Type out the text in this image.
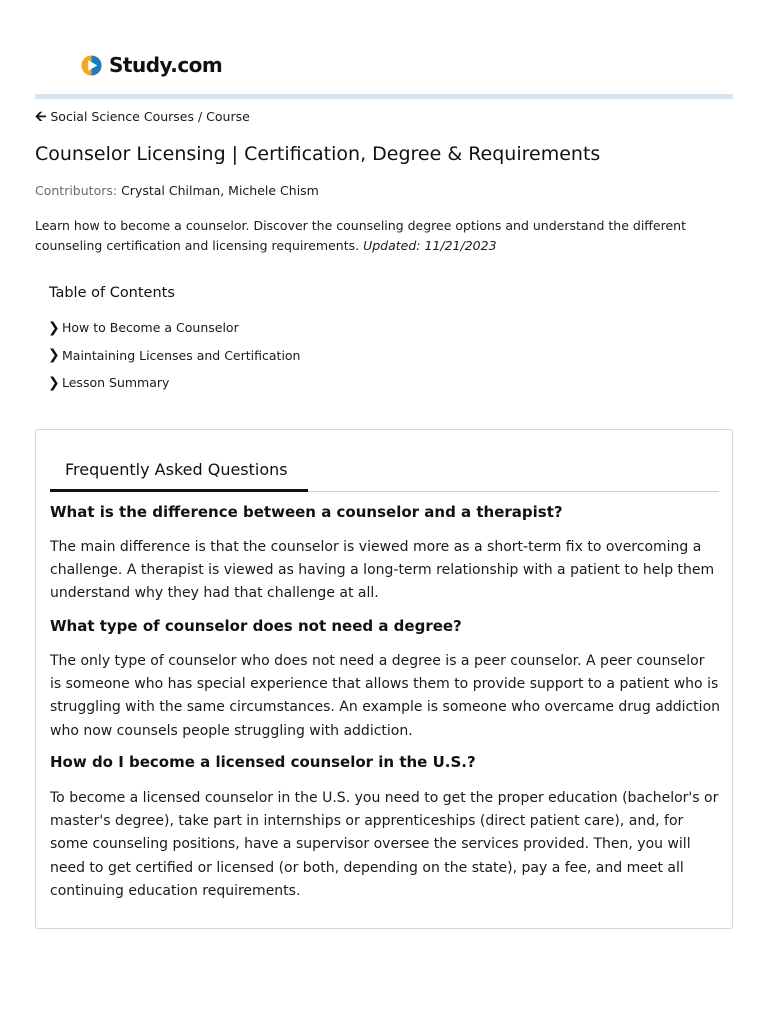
Study.com
🡨 Social Science Courses / Course
Counselor Licensing | Certification, Degree & Requirements
Contributors: Crystal Chilman, Michele Chism

Learn how to become a counselor. Discover the counseling degree options and understand the different counseling certification and licensing requirements. Updated: 11/21/2023

Table of Contents
❯ How to Become a Counselor
❯ Maintaining Licenses and Certification
❯ Lesson Summary
Frequently Asked Questions
What is the difference between a counselor and a therapist?

The main difference is that the counselor is viewed more as a short-term fix to overcoming a challenge. A therapist is viewed as having a long-term relationship with a patient to help them understand why they had that challenge at all.

What type of counselor does not need a degree?

The only type of counselor who does not need a degree is a peer counselor. A peer counselor is someone who has special experience that allows them to provide support to a patient who is struggling with the same circumstances. An example is someone who overcame drug addiction who now counsels people struggling with addiction.

How do I become a licensed counselor in the U.S.?

To become a licensed counselor in the U.S. you need to get the proper education (bachelor's or master's degree), take part in internships or apprenticeships (direct patient care), and, for some counseling positions, have a supervisor oversee the services provided. Then, you will need to get certified or licensed (or both, depending on the state), pay a fee, and meet all continuing education requirements.
